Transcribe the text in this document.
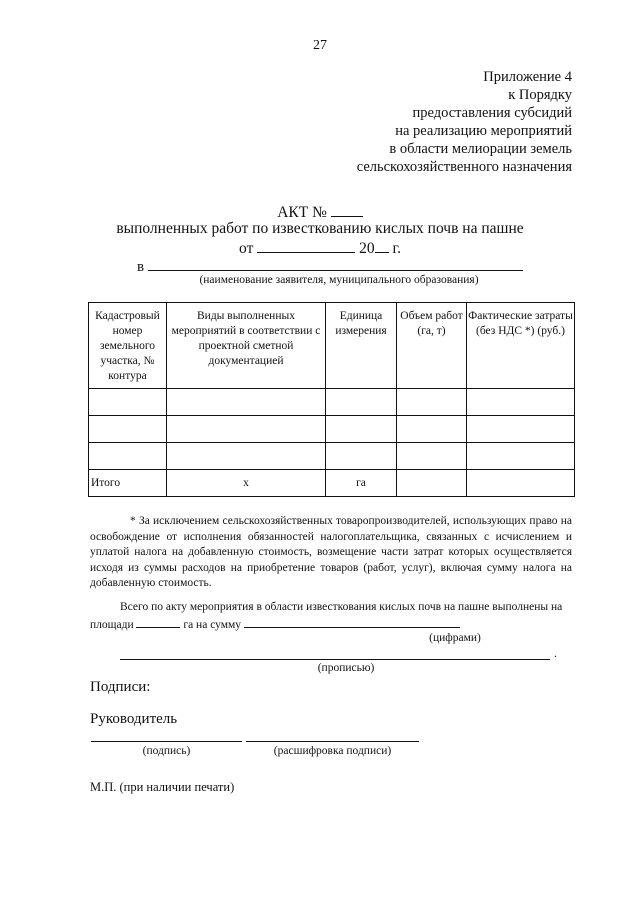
27
Приложение 4
к Порядку
предоставления субсидий
на реализацию мероприятий
в области мелиорации земель
сельскохозяйственного назначения
АКТ №
выполненных работ по известкованию кислых почв на пашне
от	20 г.
в
(наименование заявителя, муниципального образования)
Кадастровый номер земельного участка, № контура	Виды выполненных мероприятий в соответствии с проектной сметной документацией	Единица измерения	Объем работ (га, т)	Фактические затраты (без НДС *) (руб.)

Итого	х	га		

* За исключением сельскохозяйственных товаропроизводителей, использующих право на освобождение от исполнения обязанностей налогоплательщика, связанных с исчислением и уплатой налога на добавленную стоимость, возмещение части затрат которых осуществляется исходя из суммы расходов на приобретение товаров (работ, услуг), включая сумму налога на добавленную стоимость.

Всего по акту мероприятия в области известкования кислых почв на пашне выполнены на площади	га на сумму

(цифрами)
.
(прописью)
Подписи:
Руководитель
(подпись)	(расшифровка подписи)
М.П. (при наличии печати)
